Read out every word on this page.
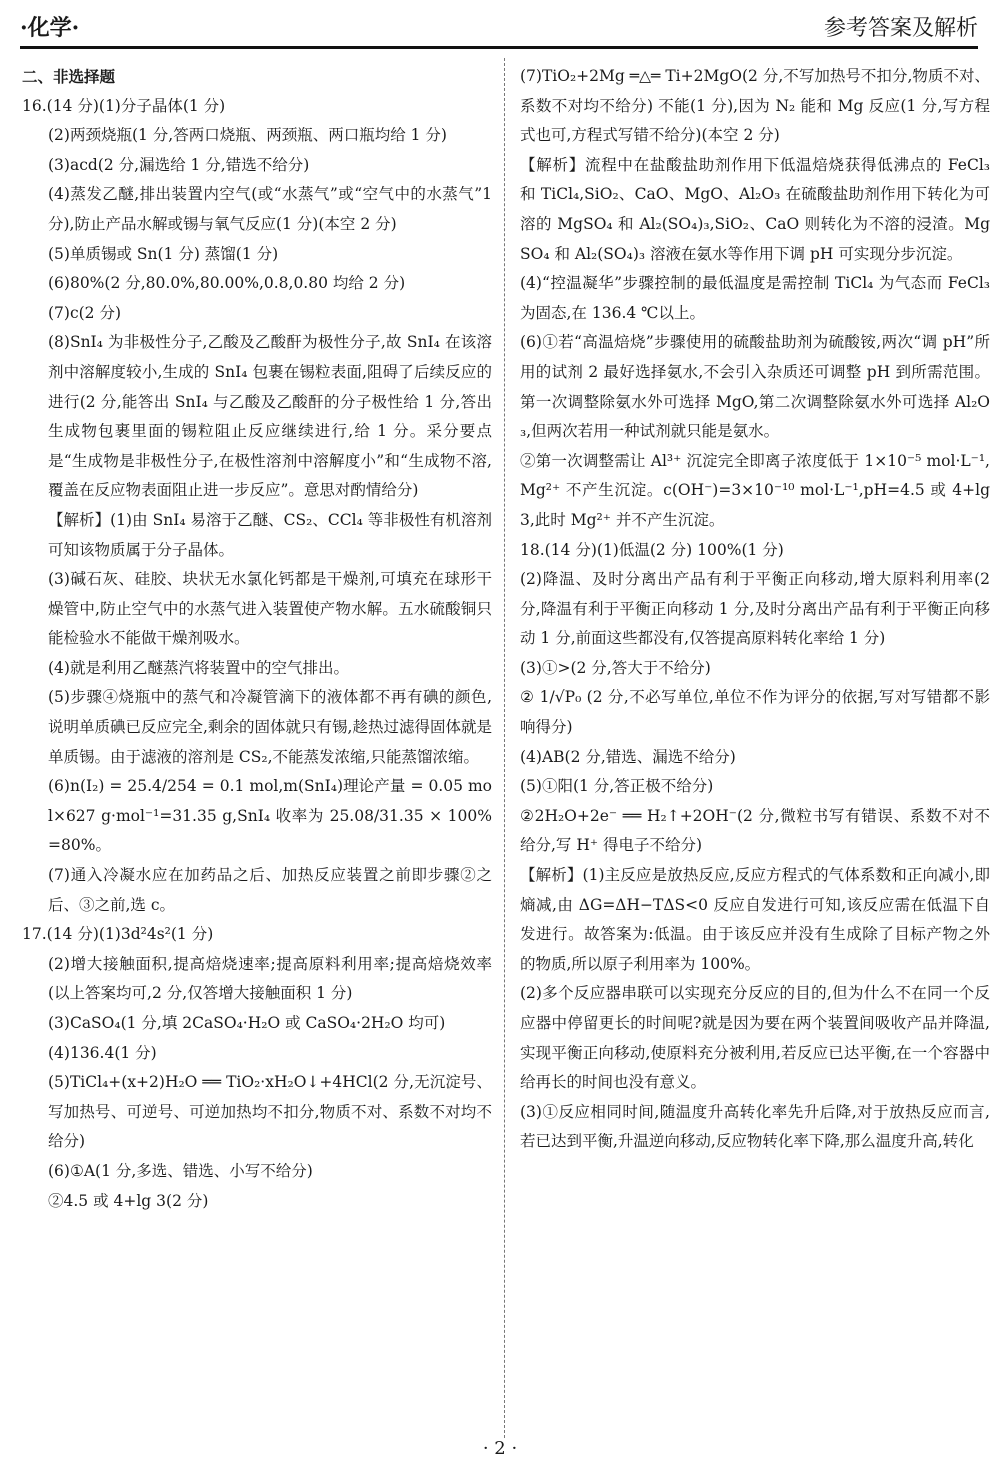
·化学·	参考答案及解析

二、非选择题

16.(14 分)(1)分子晶体(1 分)

(2)两颈烧瓶(1 分,答两口烧瓶、两颈瓶、两口瓶均给 1 分)

(3)acd(2 分,漏选给 1 分,错选不给分)

(4)蒸发乙醚,排出装置内空气(或“水蒸气”或“空气中的水蒸气”1 分),防止产品水解或锡与氧气反应(1 分)(本空 2 分)

(5)单质锡或 Sn(1 分) 蒸馏(1 分)

(6)80%(2 分,80.0%,80.00%,0.8,0.80 均给 2 分)

(7)c(2 分)

(8)SnI₄ 为非极性分子,乙酸及乙酸酐为极性分子,故 SnI₄ 在该溶剂中溶解度较小,生成的 SnI₄ 包裹在锡粒表面,阻碍了后续反应的进行(2 分,能答出 SnI₄ 与乙酸及乙酸酐的分子极性给 1 分,答出生成物包裹里面的锡粒阻止反应继续进行,给 1 分。采分要点是“生成物是非极性分子,在极性溶剂中溶解度小”和“生成物不溶,覆盖在反应物表面阻止进一步反应”。意思对酌情给分)

【解析】(1)由 SnI₄ 易溶于乙醚、CS₂、CCl₄ 等非极性有机溶剂可知该物质属于分子晶体。

(3)碱石灰、硅胶、块状无水氯化钙都是干燥剂,可填充在球形干燥管中,防止空气中的水蒸气进入装置使产物水解。五水硫酸铜只能检验水不能做干燥剂吸水。

(4)就是利用乙醚蒸汽将装置中的空气排出。

(5)步骤④烧瓶中的蒸气和冷凝管滴下的液体都不再有碘的颜色,说明单质碘已反应完全,剩余的固体就只有锡,趁热过滤得固体就是单质锡。由于滤液的溶剂是 CS₂,不能蒸发浓缩,只能蒸馏浓缩。

(6)n(I₂) = 25.4/254 = 0.1 mol,m(SnI₄)理论产量 = 0.05 mol×627 g·mol⁻¹=31.35 g,SnI₄ 收率为 25.08/31.35 × 100%=80%。

(7)通入冷凝水应在加药品之后、加热反应装置之前即步骤②之后、③之前,选 c。

17.(14 分)(1)3d²4s²(1 分)

(2)增大接触面积,提高焙烧速率;提高原料利用率;提高焙烧效率(以上答案均可,2 分,仅答增大接触面积 1 分)

(3)CaSO₄(1 分,填 2CaSO₄·H₂O 或 CaSO₄·2H₂O 均可)

(4)136.4(1 分)

(5)TiCl₄+(x+2)H₂O ══ TiO₂·xH₂O↓+4HCl(2 分,无沉淀号、写加热号、可逆号、可逆加热均不扣分,物质不对、系数不对均不给分)

(6)①A(1 分,多选、错选、小写不给分)

②4.5 或 4+lg 3(2 分)

(7)TiO₂+2Mg ═△═ Ti+2MgO(2 分,不写加热号不扣分,物质不对、系数不对均不给分) 不能(1 分),因为 N₂ 能和 Mg 反应(1 分,写方程式也可,方程式写错不给分)(本空 2 分)

【解析】流程中在盐酸盐助剂作用下低温焙烧获得低沸点的 FeCl₃ 和 TiCl₄,SiO₂、CaO、MgO、Al₂O₃ 在硫酸盐助剂作用下转化为可溶的 MgSO₄ 和 Al₂(SO₄)₃,SiO₂、CaO 则转化为不溶的浸渣。MgSO₄ 和 Al₂(SO₄)₃ 溶液在氨水等作用下调 pH 可实现分步沉淀。

(4)“控温凝华”步骤控制的最低温度是需控制 TiCl₄ 为气态而 FeCl₃ 为固态,在 136.4 ℃以上。

(6)①若“高温焙烧”步骤使用的硫酸盐助剂为硫酸铵,两次“调 pH”所用的试剂 2 最好选择氨水,不会引入杂质还可调整 pH 到所需范围。第一次调整除氨水外可选择 MgO,第二次调整除氨水外可选择 Al₂O₃,但两次若用一种试剂就只能是氨水。

②第一次调整需让 Al³⁺ 沉淀完全即离子浓度低于 1×10⁻⁵ mol·L⁻¹,Mg²⁺ 不产生沉淀。c(OH⁻)=3×10⁻¹⁰ mol·L⁻¹,pH=4.5 或 4+lg 3,此时 Mg²⁺ 并不产生沉淀。

18.(14 分)(1)低温(2 分) 100%(1 分)

(2)降温、及时分离出产品有利于平衡正向移动,增大原料利用率(2 分,降温有利于平衡正向移动 1 分,及时分离出产品有利于平衡正向移动 1 分,前面这些都没有,仅答提高原料转化率给 1 分)

(3)①>(2 分,答大于不给分)

② 1/√P₀ (2 分,不必写单位,单位不作为评分的依据,写对写错都不影响得分)

(4)AB(2 分,错选、漏选不给分)

(5)①阳(1 分,答正极不给分)

②2H₂O+2e⁻ ══ H₂↑+2OH⁻(2 分,微粒书写有错误、系数不对不给分,写 H⁺ 得电子不给分)

【解析】(1)主反应是放热反应,反应方程式的气体系数和正向减小,即熵减,由 ΔG=ΔH−TΔS<0 反应自发进行可知,该反应需在低温下自发进行。故答案为:低温。由于该反应并没有生成除了目标产物之外的物质,所以原子利用率为 100%。

(2)多个反应器串联可以实现充分反应的目的,但为什么不在同一个反应器中停留更长的时间呢?就是因为要在两个装置间吸收产品并降温,实现平衡正向移动,使原料充分被利用,若反应已达平衡,在一个容器中给再长的时间也没有意义。

(3)①反应相同时间,随温度升高转化率先升后降,对于放热反应而言,若已达到平衡,升温逆向移动,反应物转化率下降,那么温度升高,转化

· 2 ·
